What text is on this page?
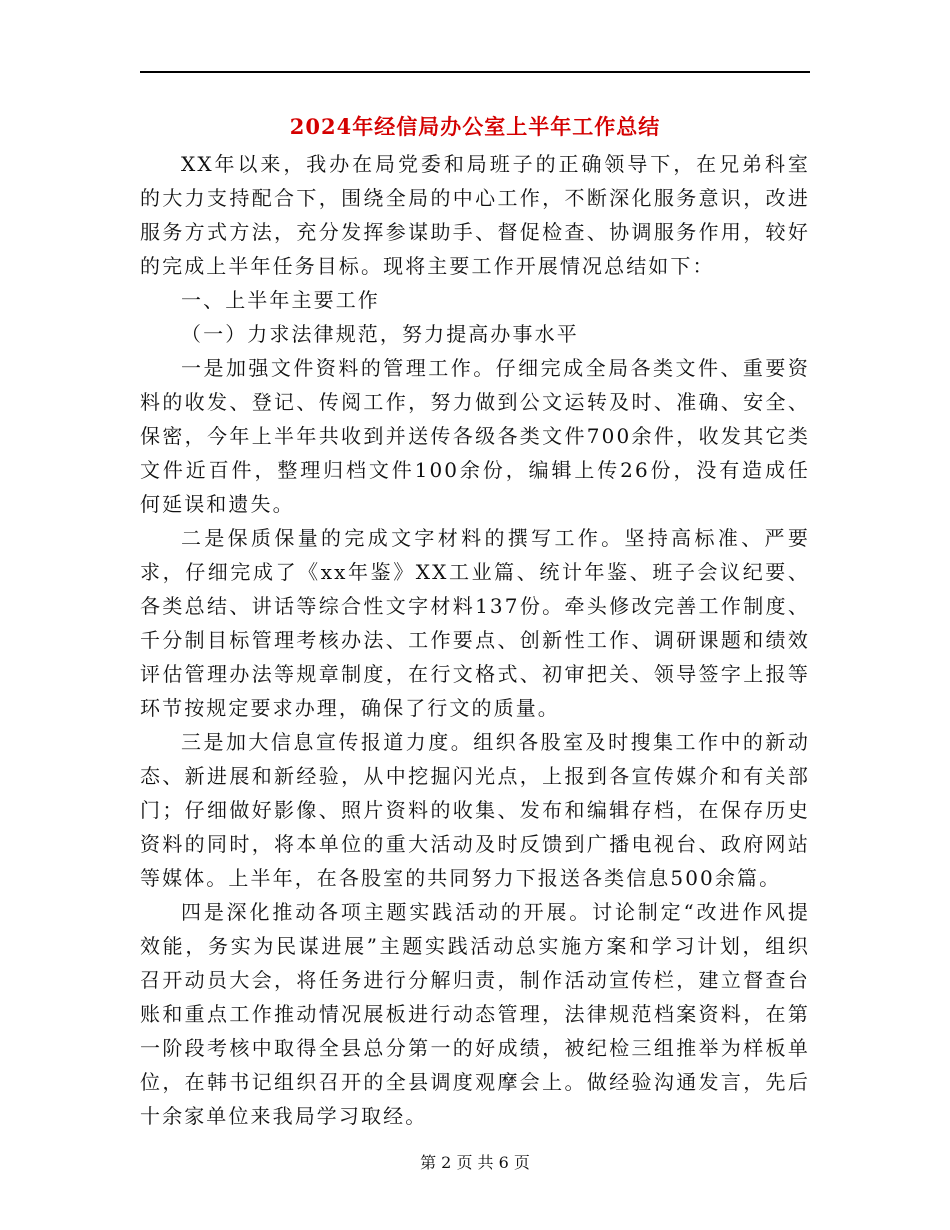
2024年经信局办公室上半年工作总结

XX年以来，我办在局党委和局班子的正确领导下，在兄弟科室的大力支持配合下，围绕全局的中心工作，不断深化服务意识，改进服务方式方法，充分发挥参谋助手、督促检查、协调服务作用，较好的完成上半年任务目标。现将主要工作开展情况总结如下：

一、上半年主要工作

（一）力求法律规范，努力提高办事水平

一是加强文件资料的管理工作。仔细完成全局各类文件、重要资料的收发、登记、传阅工作，努力做到公文运转及时、准确、安全、保密，今年上半年共收到并送传各级各类文件700余件，收发其它类文件近百件，整理归档文件100余份，编辑上传26份，没有造成任何延误和遗失。

二是保质保量的完成文字材料的撰写工作。坚持高标准、严要求，仔细完成了《xx年鉴》XX工业篇、统计年鉴、班子会议纪要、各类总结、讲话等综合性文字材料137份。牵头修改完善工作制度、千分制目标管理考核办法、工作要点、创新性工作、调研课题和绩效评估管理办法等规章制度，在行文格式、初审把关、领导签字上报等环节按规定要求办理，确保了行文的质量。

三是加大信息宣传报道力度。组织各股室及时搜集工作中的新动态、新进展和新经验，从中挖掘闪光点，上报到各宣传媒介和有关部门；仔细做好影像、照片资料的收集、发布和编辑存档，在保存历史资料的同时，将本单位的重大活动及时反馈到广播电视台、政府网站等媒体。上半年，在各股室的共同努力下报送各类信息500余篇。

四是深化推动各项主题实践活动的开展。讨论制定“改进作风提效能，务实为民谋进展”主题实践活动总实施方案和学习计划，组织召开动员大会，将任务进行分解归责，制作活动宣传栏，建立督查台账和重点工作推动情况展板进行动态管理，法律规范档案资料，在第一阶段考核中取得全县总分第一的好成绩，被纪检三组推举为样板单位，在韩书记组织召开的全县调度观摩会上。做经验沟通发言，先后十余家单位来我局学习取经。

第 2 页 共 6 页
